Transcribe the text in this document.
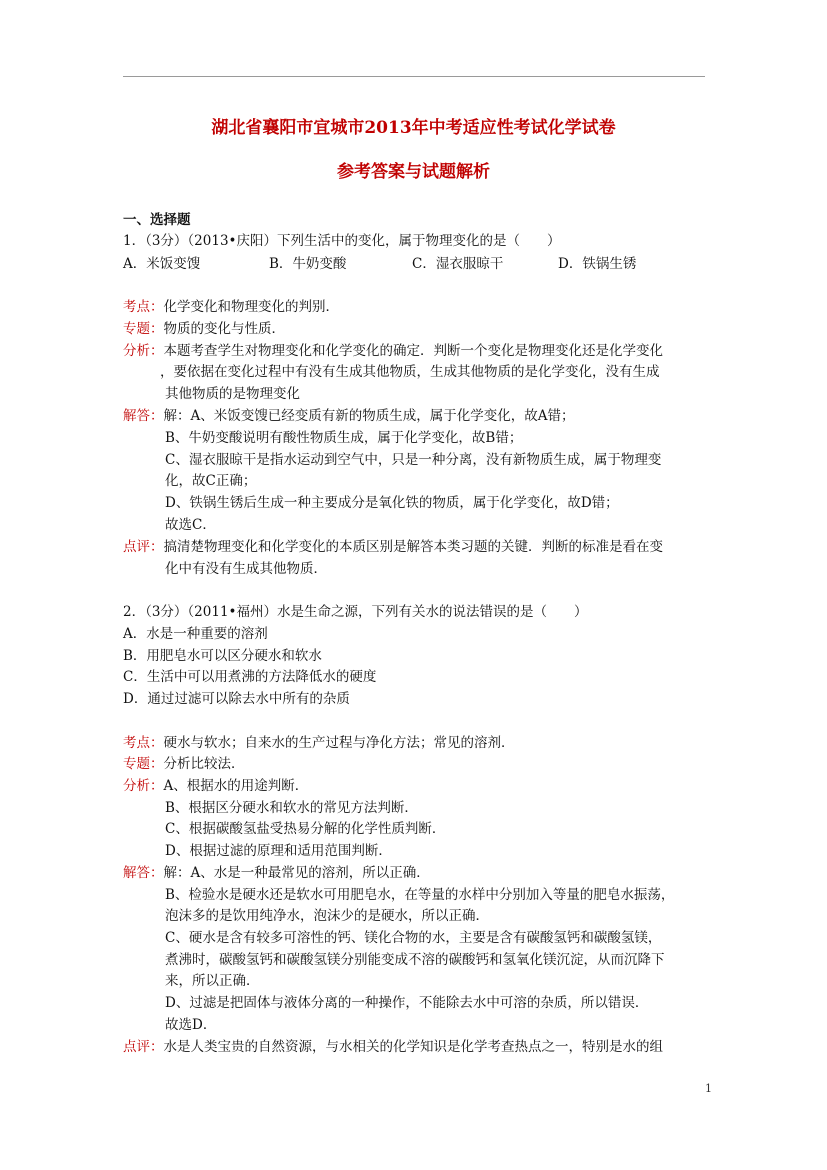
湖北省襄阳市宜城市2013年中考适应性考试化学试卷
参考答案与试题解析
一、选择题
1．（3分）（2013•庆阳）下列生活中的变化，属于物理变化的是（　　）
A．米饭变馊	B．牛奶变酸	C．湿衣服晾干	D．铁锅生锈
考点：化学变化和物理变化的判别．
专题：物质的变化与性质．
分析：本题考查学生对物理变化和化学变化的确定．判断一个变化是物理变化还是化学变化
，要依据在变化过程中有没有生成其他物质，生成其他物质的是化学变化，没有生成
其他物质的是物理变化
解答：解：A、米饭变馊已经变质有新的物质生成，属于化学变化，故A错；
B、牛奶变酸说明有酸性物质生成，属于化学变化，故B错；
C、湿衣服晾干是指水运动到空气中，只是一种分离，没有新物质生成，属于物理变
化，故C正确；
D、铁锅生锈后生成一种主要成分是氧化铁的物质，属于化学变化，故D错；
故选C．
点评：搞清楚物理变化和化学变化的本质区别是解答本类习题的关键．判断的标准是看在变
化中有没有生成其他物质．
2．（3分）（2011•福州）水是生命之源，下列有关水的说法错误的是（　　）
A．水是一种重要的溶剂
B．用肥皂水可以区分硬水和软水
C．生活中可以用煮沸的方法降低水的硬度
D．通过过滤可以除去水中所有的杂质
考点：硬水与软水；自来水的生产过程与净化方法；常见的溶剂．
专题：分析比较法．
分析：A、根据水的用途判断．
B、根据区分硬水和软水的常见方法判断．
C、根据碳酸氢盐受热易分解的化学性质判断．
D、根据过滤的原理和适用范围判断．
解答：解：A、水是一种最常见的溶剂，所以正确．
B、检验水是硬水还是软水可用肥皂水，在等量的水样中分别加入等量的肥皂水振荡，
泡沫多的是饮用纯净水，泡沫少的是硬水，所以正确．
C、硬水是含有较多可溶性的钙、镁化合物的水，主要是含有碳酸氢钙和碳酸氢镁，
煮沸时，碳酸氢钙和碳酸氢镁分别能变成不溶的碳酸钙和氢氧化镁沉淀，从而沉降下
来，所以正确．
D、过滤是把固体与液体分离的一种操作，不能除去水中可溶的杂质，所以错误．
故选D．
点评：水是人类宝贵的自然资源，与水相关的化学知识是化学考查热点之一，特别是水的组
1
